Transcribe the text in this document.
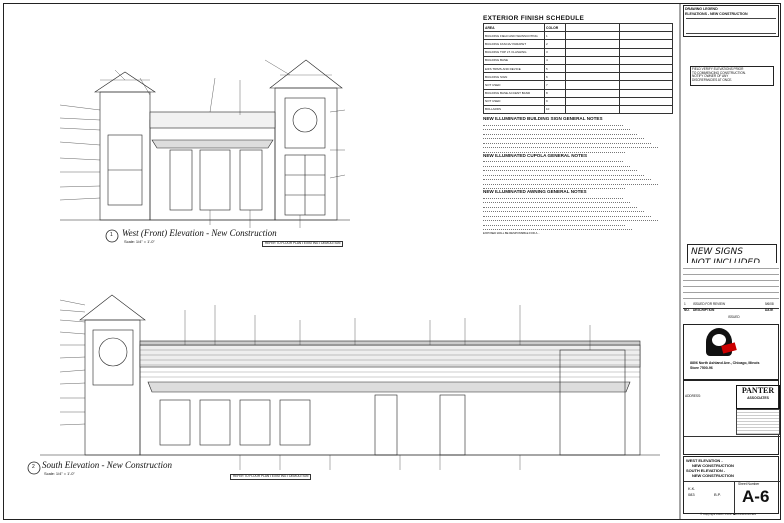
1 West (Front) Elevation - New Construction
Scale: 1/4" = 1'-0"	REFER TO FLOOR PLAN • EXISTING • DEMOLITION
2 South Elevation - New Construction
Scale: 1/4" = 1'-0"	REFER TO FLOOR PLAN • EXISTING • DEMOLITION
EXTERIOR FINISH SCHEDULE
AREA	COLOR		
BUILDING FIELD AND WAINSCOTING	1		
BUILDING FASCIA/ PARAPET	2		
BUILDING TOP LT. FLASHING	3		
BUILDING BASE	4		
EIFS TRIMS AND DEVICE	5		
BUILDING SIGN	6		
NOT USED	7		
BUILDING BASE ACCENT BAND	8		
NOT USED	9		
BOLLARDS	10		
NEW ILLUMINATED BUILDING SIGN GENERAL NOTES
NEW ILLUMINATED CUPOLA GENERAL NOTES
NEW ILLUMINATED AWNING GENERAL NOTES
EXPOSED WALL BE RESPONSIBLE FOR A...
DRAWING LEGEND
ELEVATIONS - NEW CONSTRUCTION
FIELD VERIFY ELEVATIONS PRIOR
TO COMMENCING CONSTRUCTION.
NOTIFY OWNER OF ANY
DISCREPANCIES AT ONCE.
NEW SIGNS
1 ISSUED FOR REVIEW	5/6/08
NO. DESCRIPTION	DATE
ISSUED
8806 North Ashland Ave., Chicago, Illinois
Store 7500-96
ADDRESS:
PANTER
ASSOCIATES
WEST ELEVATION -
NEW CONSTRUCTION
SOUTH ELEVATION -
NEW CONSTRUCTION
K.K.
083	B.P.
Sheet Number
A-6
© Copyright 2008 • PANTER ASSOCIATES
